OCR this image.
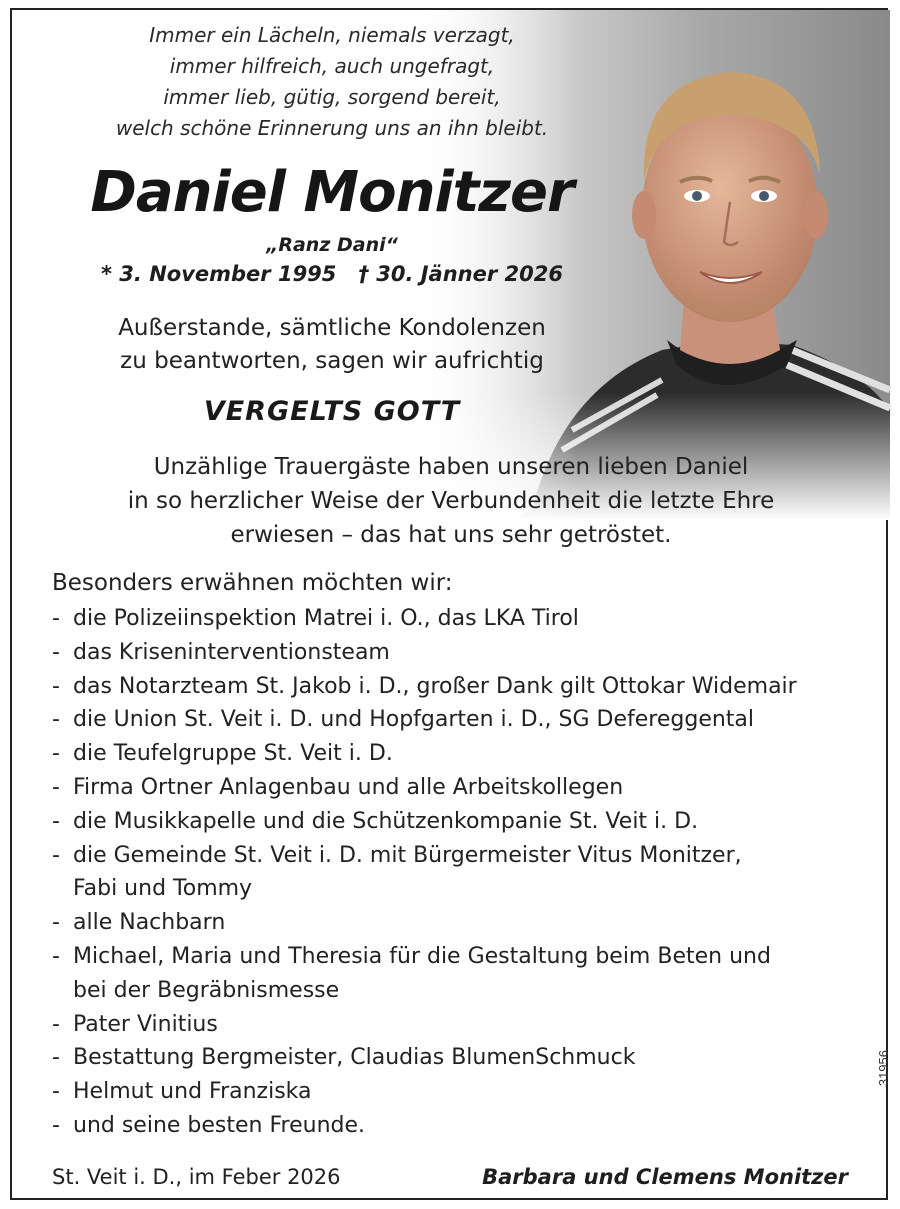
Immer ein Lächeln, niemals verzagt,
immer hilfreich, auch ungefragt,
immer lieb, gütig, sorgend bereit,
welch schöne Erinnerung uns an ihn bleibt.
Daniel Monitzer
„Ranz Dani“
* 3. November 1995 † 30. Jänner 2026
Außerstande, sämtliche Kondolenzen
zu beantworten, sagen wir aufrichtig
VERGELTS GOTT
Unzählige Trauergäste haben unseren lieben Daniel
in so herzlicher Weise der Verbundenheit die letzte Ehre
erwiesen – das hat uns sehr getröstet.
Besonders erwähnen möchten wir:
- die Polizeiinspektion Matrei i. O., das LKA Tirol
- das Kriseninterventionsteam
- das Notarzteam St. Jakob i. D., großer Dank gilt Ottokar Widemair
- die Union St. Veit i. D. und Hopfgarten i. D., SG Defereggental
- die Teufelgruppe St. Veit i. D.
- Firma Ortner Anlagenbau und alle Arbeitskollegen
- die Musikkapelle und die Schützenkompanie St. Veit i. D.
- die Gemeinde St. Veit i. D. mit Bürgermeister Vitus Monitzer,
Fabi und Tommy
- alle Nachbarn
- Michael, Maria und Theresia für die Gestaltung beim Beten und
bei der Begräbnismesse
- Pater Vinitius
- Bestattung Bergmeister, Claudias BlumenSchmuck
- Helmut und Franziska
- und seine besten Freunde.
31956
St. Veit i. D., im Feber 2026	Barbara und Clemens Monitzer
